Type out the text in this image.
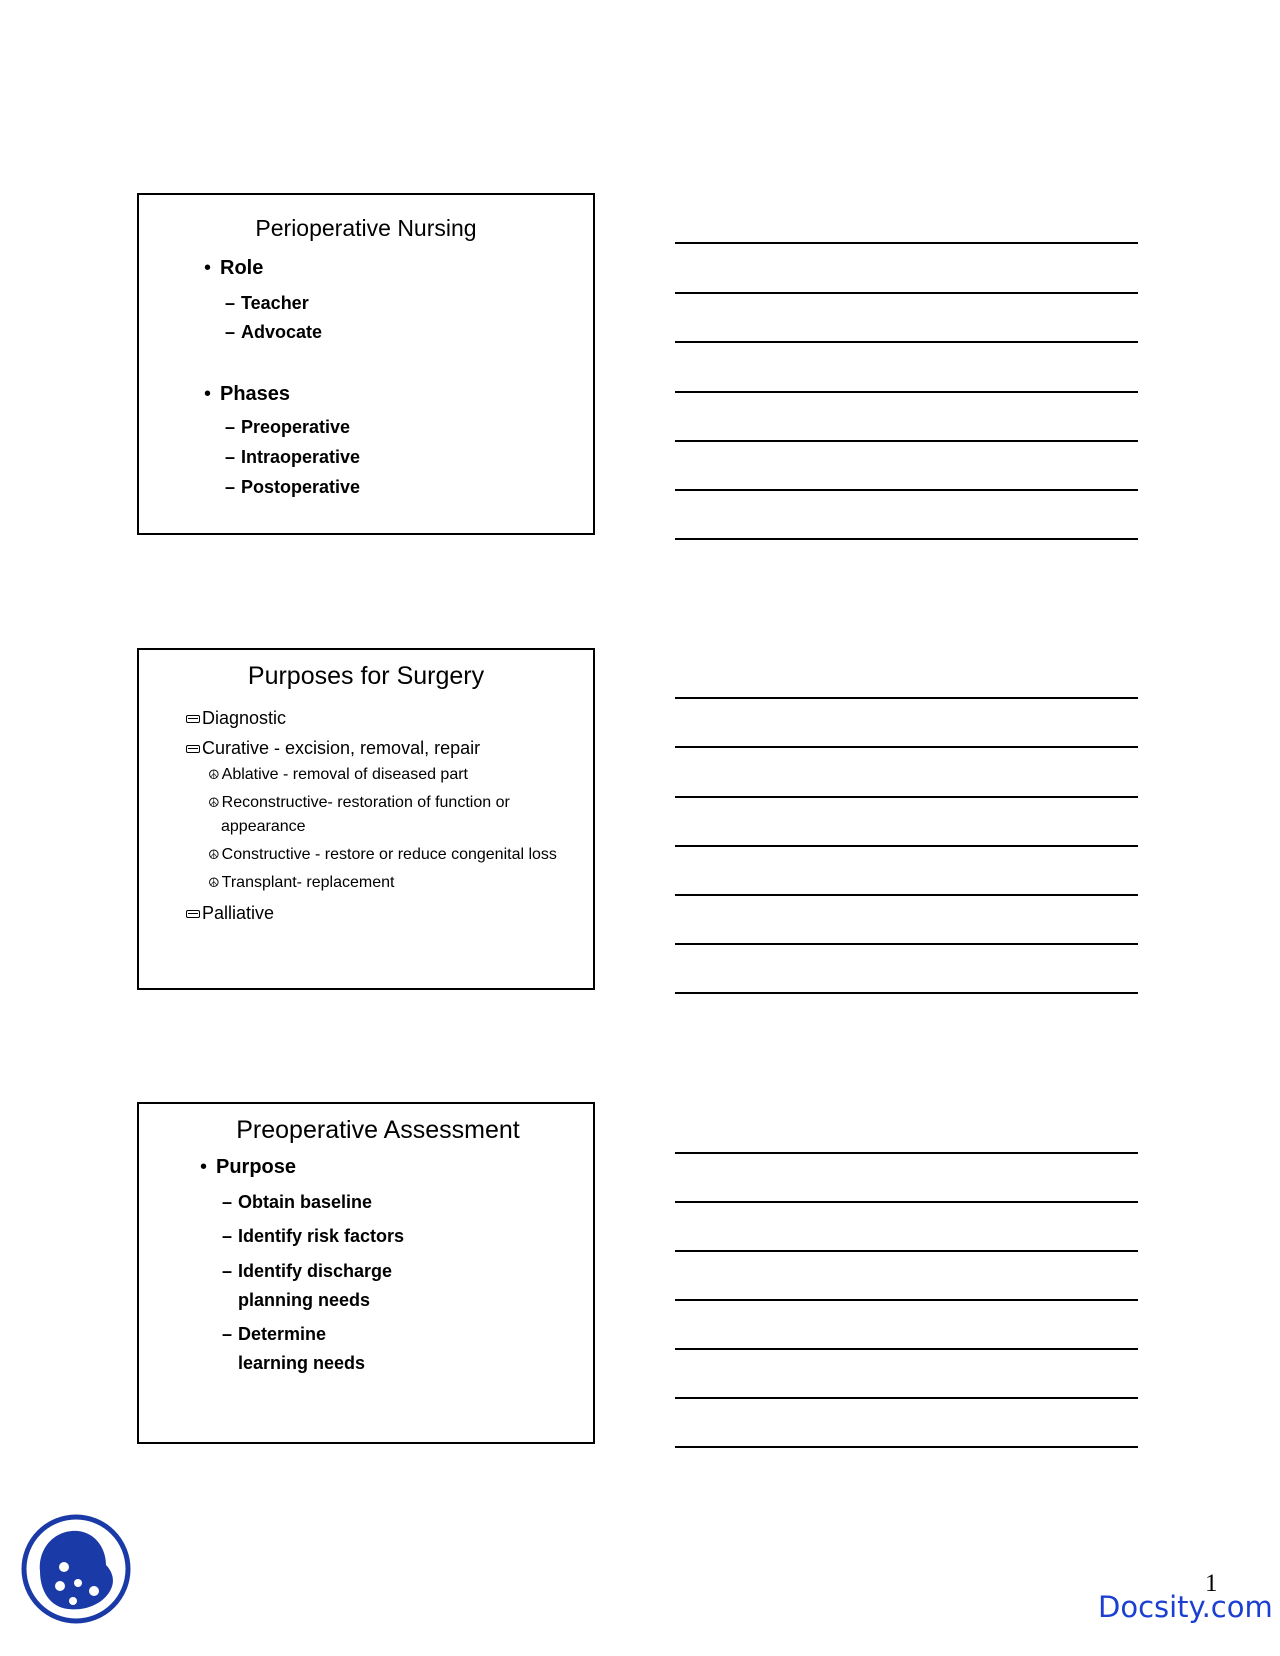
Perioperative Nursing
• Role
– Teacher
– Advocate
• Phases
– Preoperative
– Intraoperative
– Postoperative
Purposes for Surgery
Diagnostic
Curative - excision, removal, repair
☮ Ablative - removal of diseased part
☮ Reconstructive- restoration of function or
appearance
☮ Constructive - restore or reduce congenital loss
☮ Transplant- replacement
Palliative
Preoperative Assessment
• Purpose
– Obtain baseline
– Identify risk factors
– Identify discharge
planning needs
– Determine
learning needs
1
Docsity.com
